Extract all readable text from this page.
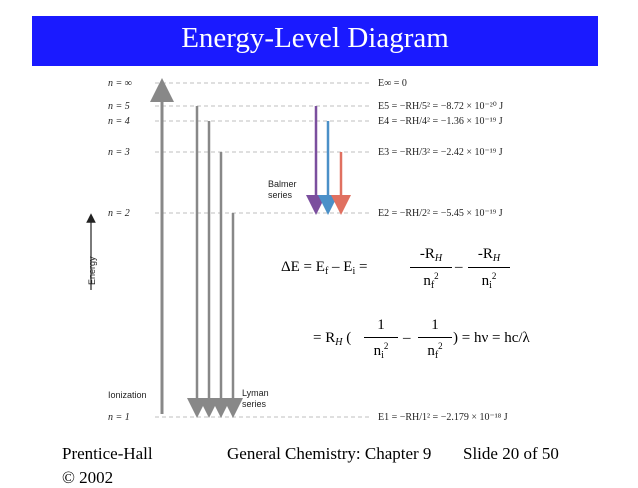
Energy-Level Diagram
n = ∞
n = 5
n = 4
n = 3
n = 2
n = 1
E∞ = 0
E5 = −RH/5² = −8.72 × 10⁻²⁰ J
E4 = −RH/4² = −1.36 × 10⁻¹⁹ J
E3 = −RH/3² = −2.42 × 10⁻¹⁹ J
E2 = −RH/2² = −5.45 × 10⁻¹⁹ J
E1 = −RH/1² = −2.179 × 10⁻¹⁸ J
Energy
Ionization	Lyman
series
Balmer
series
$\Delta E = E_f - E_i$ =	$\frac{-R_H}{n_f^2} - \frac{-R_H}{n_i^2}$
= $R_H$ ( $\frac{1}{n_i^2} - \frac{1}{n_f^2}$ ) = hν = hc/λ
Prentice-Hall
© 2002
General Chemistry: Chapter 9 Slide 20 of 50
